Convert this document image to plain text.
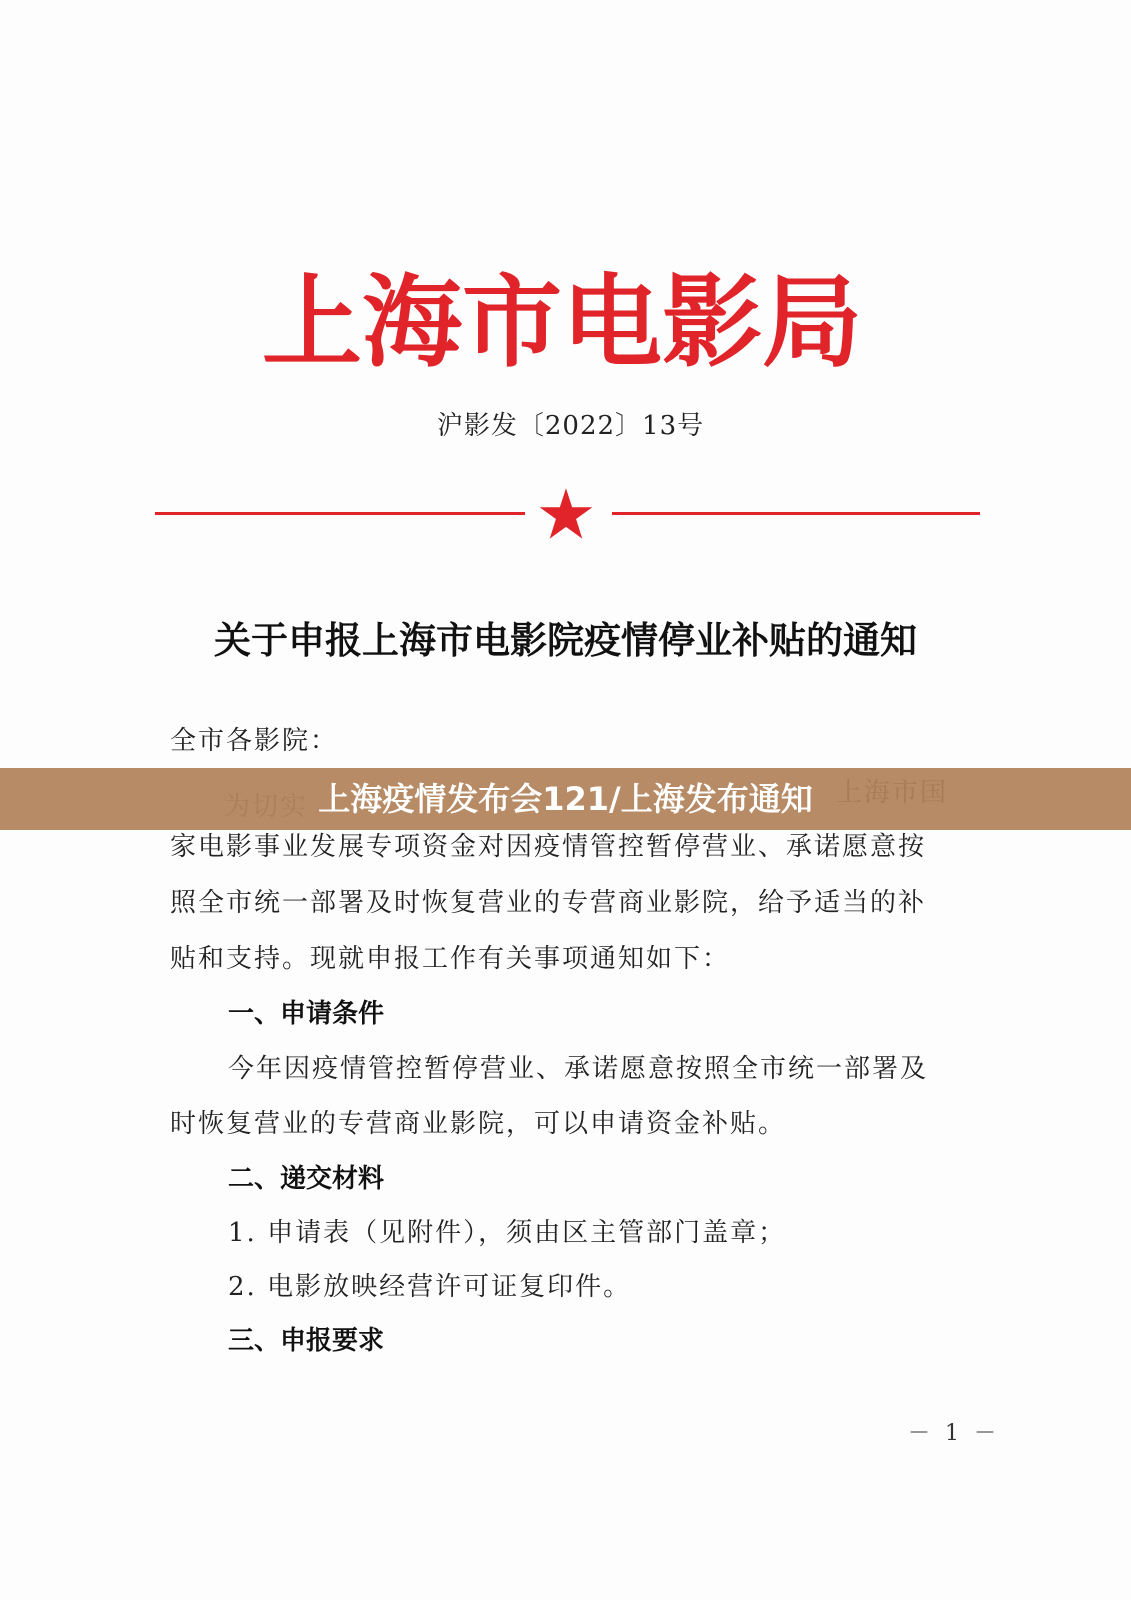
上海市电影局
沪影发〔2022〕13号
关于申报上海市电影院疫情停业补贴的通知
全市各影院：
家电影事业发展专项资金对因疫情管控暂停营业、承诺愿意按
照全市统一部署及时恢复营业的专营商业影院，给予适当的补
贴和支持。现就申报工作有关事项通知如下：
一、申请条件
今年因疫情管控暂停营业、承诺愿意按照全市统一部署及
时恢复营业的专营商业影院，可以申请资金补贴。
二、递交材料
1. 申请表（见附件），须由区主管部门盖章；
2. 电影放映经营许可证复印件。
三、申报要求
－ 1 －
上海疫情发布会121/上海发布通知
